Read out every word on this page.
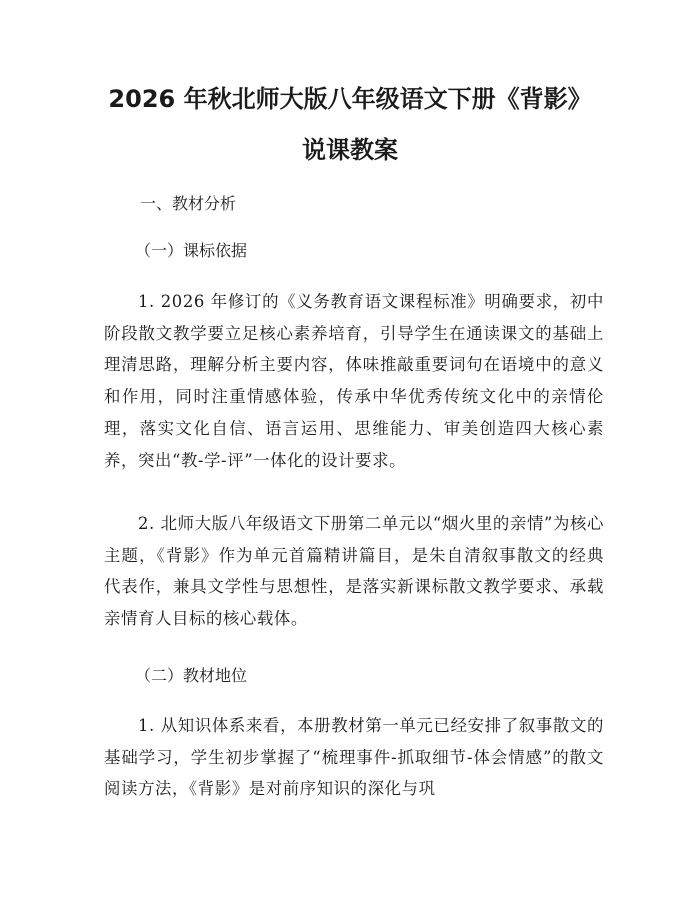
2026 年秋北师大版八年级语文下册《背影》
说课教案
一、教材分析
（一）课标依据

1. 2026 年修订的《义务教育语文课程标准》明确要求，初中阶段散文教学要立足核心素养培育，引导学生在通读课文的基础上理清思路，理解分析主要内容，体味推敲重要词句在语境中的意义和作用，同时注重情感体验，传承中华优秀传统文化中的亲情伦理，落实文化自信、语言运用、思维能力、审美创造四大核心素养，突出“教-学-评”一体化的设计要求。

2. 北师大版八年级语文下册第二单元以“烟火里的亲情”为核心主题，《背影》作为单元首篇精讲篇目，是朱自清叙事散文的经典代表作，兼具文学性与思想性，是落实新课标散文教学要求、承载亲情育人目标的核心载体。

（二）教材地位

1. 从知识体系来看，本册教材第一单元已经安排了叙事散文的基础学习，学生初步掌握了“梳理事件-抓取细节-体会情感”的散文阅读方法，《背影》是对前序知识的深化与巩
